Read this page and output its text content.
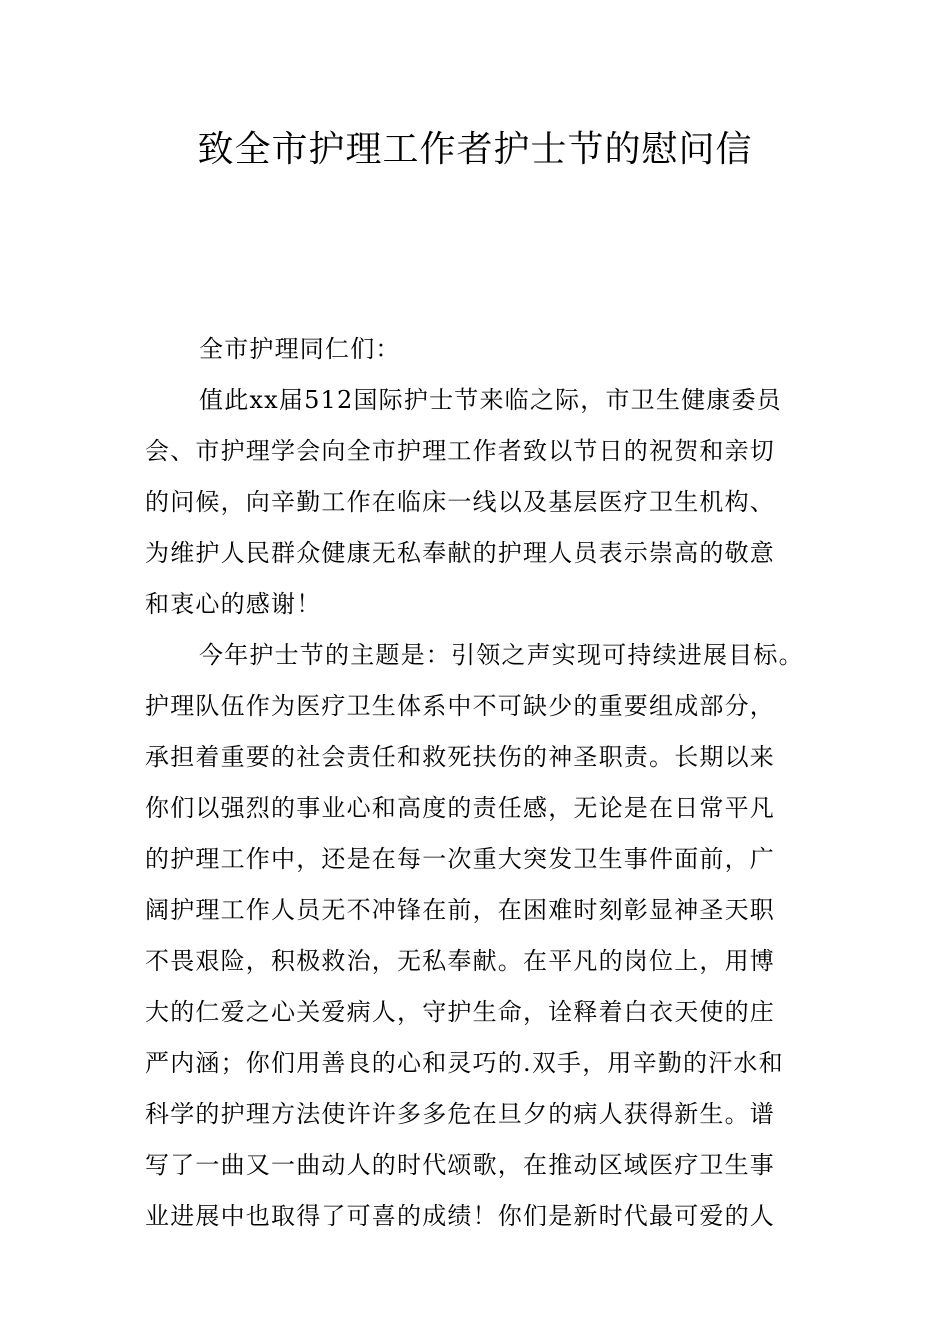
致全市护理工作者护士节的慰问信
全市护理同仁们：
值此xx届512国际护士节来临之际，市卫生健康委员
会、市护理学会向全市护理工作者致以节日的祝贺和亲切
的问候，向辛勤工作在临床一线以及基层医疗卫生机构、
为维护人民群众健康无私奉献的护理人员表示崇高的敬意
和衷心的感谢！
今年护士节的主题是：引领之声实现可持续进展目标。
护理队伍作为医疗卫生体系中不可缺少的重要组成部分，
承担着重要的社会责任和救死扶伤的神圣职责。长期以来
你们以强烈的事业心和高度的责任感，无论是在日常平凡
的护理工作中，还是在每一次重大突发卫生事件面前，广
阔护理工作人员无不冲锋在前，在困难时刻彰显神圣天职
不畏艰险，积极救治，无私奉献。在平凡的岗位上，用博
大的仁爱之心关爱病人，守护生命，诠释着白衣天使的庄
严内涵；你们用善良的心和灵巧的.双手，用辛勤的汗水和
科学的护理方法使许许多多危在旦夕的病人获得新生。谱
写了一曲又一曲动人的时代颂歌，在推动区域医疗卫生事
业进展中也取得了可喜的成绩！你们是新时代最可爱的人
